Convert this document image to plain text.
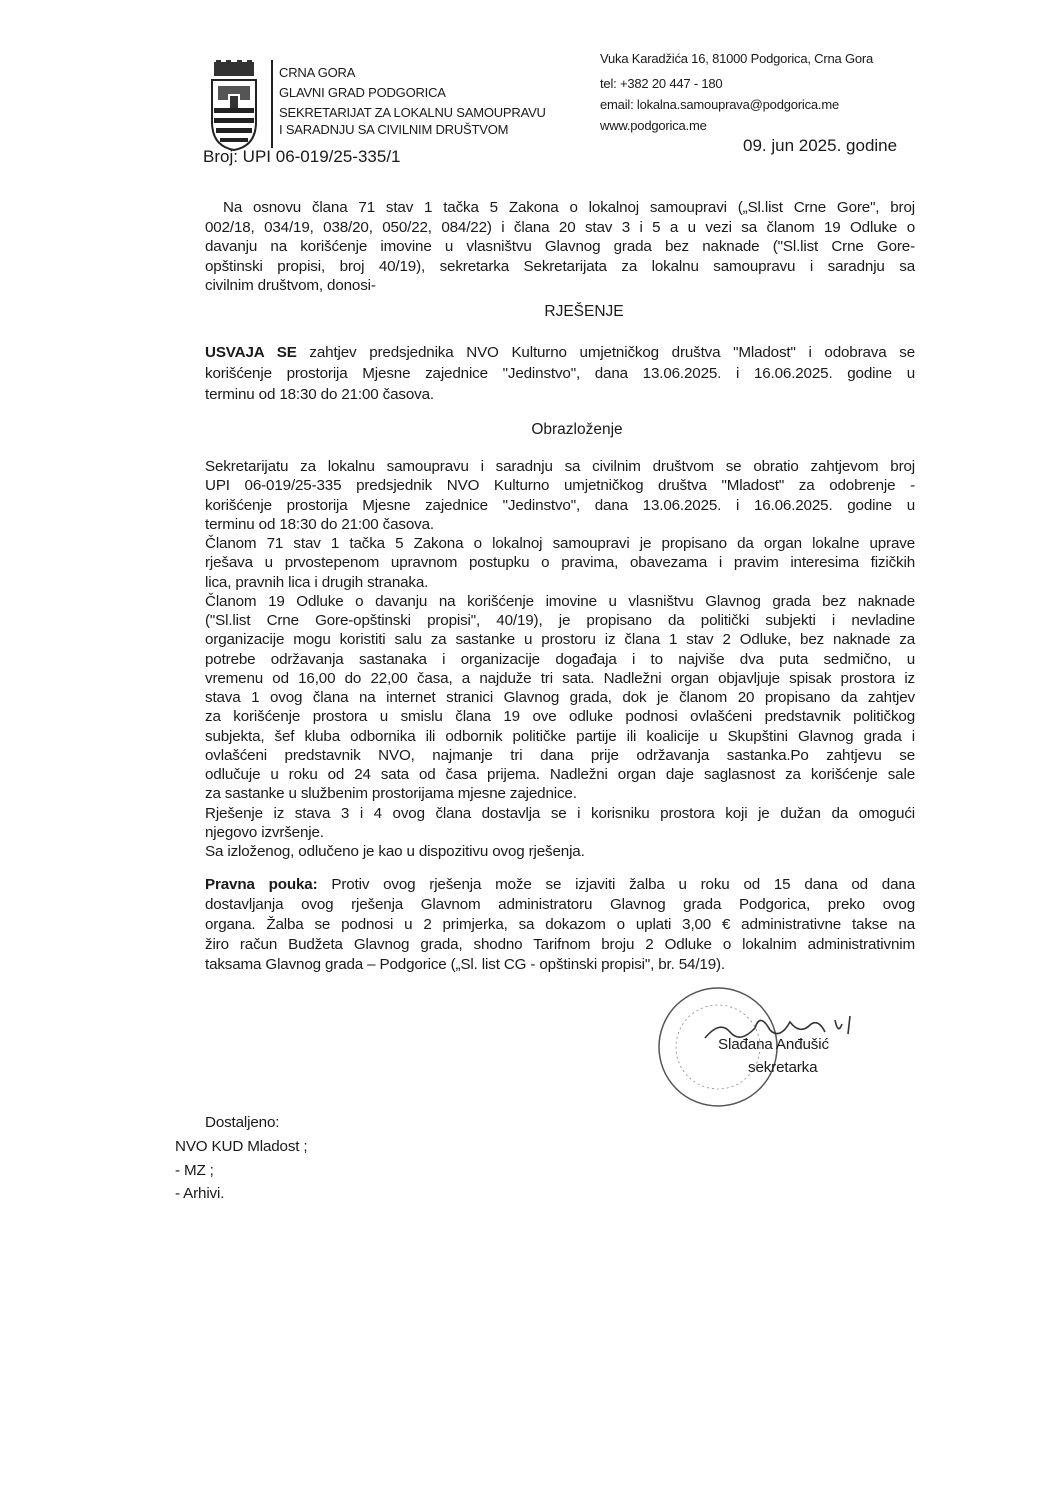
CRNA GORA
GLAVNI GRAD PODGORICA
SEKRETARIJAT ZA LOKALNU SAMOUPRAVU
I SARADNJU SA CIVILNIM DRUŠTVOM
Broj: UPI 06-019/25-335/1
Vuka Karadžića 16, 81000 Podgorica, Crna Gora
tel: +382 20 447 - 180
email: lokalna.samouprava@podgorica.me
www.podgorica.me
09. jun 2025. godine
Na osnovu člana 71 stav 1 tačka 5 Zakona o lokalnoj samoupravi („Sl.list Crne Gore", broj
002/18, 034/19, 038/20, 050/22, 084/22) i člana 20 stav 3 i 5 a u vezi sa članom 19 Odluke o
davanju na korišćenje imovine u vlasništvu Glavnog grada bez naknade ("Sl.list Crne Gore-
opštinski propisi, broj 40/19), sekretarka Sekretarijata za lokalnu samoupravu i saradnju sa
civilnim društvom, donosi-
RJEŠENJE
USVAJA SE zahtjev predsjednika NVO Kulturno umjetničkog društva "Mladost" i odobrava se
korišćenje prostorija Mjesne zajednice "Jedinstvo", dana 13.06.2025. i 16.06.2025. godine u
terminu od 18:30 do 21:00 časova.
Obrazloženje
Sekretarijatu za lokalnu samoupravu i saradnju sa civilnim društvom se obratio zahtjevom broj
UPI 06-019/25-335 predsjednik NVO Kulturno umjetničkog društva "Mladost" za odobrenje -
korišćenje prostorija Mjesne zajednice "Jedinstvo", dana 13.06.2025. i 16.06.2025. godine u
terminu od 18:30 do 21:00 časova.
Članom 71 stav 1 tačka 5 Zakona o lokalnoj samoupravi je propisano da organ lokalne uprave
rješava u prvostepenom upravnom postupku o pravima, obavezama i pravim interesima fizičkih
lica, pravnih lica i drugih stranaka.
Članom 19 Odluke o davanju na korišćenje imovine u vlasništvu Glavnog grada bez naknade
("Sl.list Crne Gore-opštinski propisi", 40/19), je propisano da politički subjekti i nevladine
organizacije mogu koristiti salu za sastanke u prostoru iz člana 1 stav 2 Odluke, bez naknade za
potrebe održavanja sastanaka i organizacije događaja i to najviše dva puta sedmično, u
vremenu od 16,00 do 22,00 časa, a najduže tri sata. Nadležni organ objavljuje spisak prostora iz
stava 1 ovog člana na internet stranici Glavnog grada, dok je članom 20 propisano da zahtjev
za korišćenje prostora u smislu člana 19 ove odluke podnosi ovlašćeni predstavnik političkog
subjekta, šef kluba odbornika ili odbornik političke partije ili koalicije u Skupštini Glavnog grada i
ovlašćeni predstavnik NVO, najmanje tri dana prije održavanja sastanka.Po zahtjevu se
odlučuje u roku od 24 sata od časa prijema. Nadležni organ daje saglasnost za korišćenje sale
za sastanke u službenim prostorijama mjesne zajednice.
Rješenje iz stava 3 i 4 ovog člana dostavlja se i korisniku prostora koji je dužan da omogući
njegovo izvršenje.
Sa izloženog, odlučeno je kao u dispozitivu ovog rješenja.
Pravna pouka: Protiv ovog rješenja može se izjaviti žalba u roku od 15 dana od dana
dostavljanja ovog rješenja Glavnom administratoru Glavnog grada Podgorica, preko ovog
organa. Žalba se podnosi u 2 primjerka, sa dokazom o uplati 3,00 € administrativne takse na
žiro račun Budžeta Glavnog grada, shodno Tarifnom broju 2 Odluke o lokalnim administrativnim
taksama Glavnog grada – Podgorice („Sl. list CG - opštinski propisi", br. 54/19).
Slađana Anđušić
sekretarka
Dostaljeno:
NVO KUD Mladost ;
- MZ ;
- Arhivi.
